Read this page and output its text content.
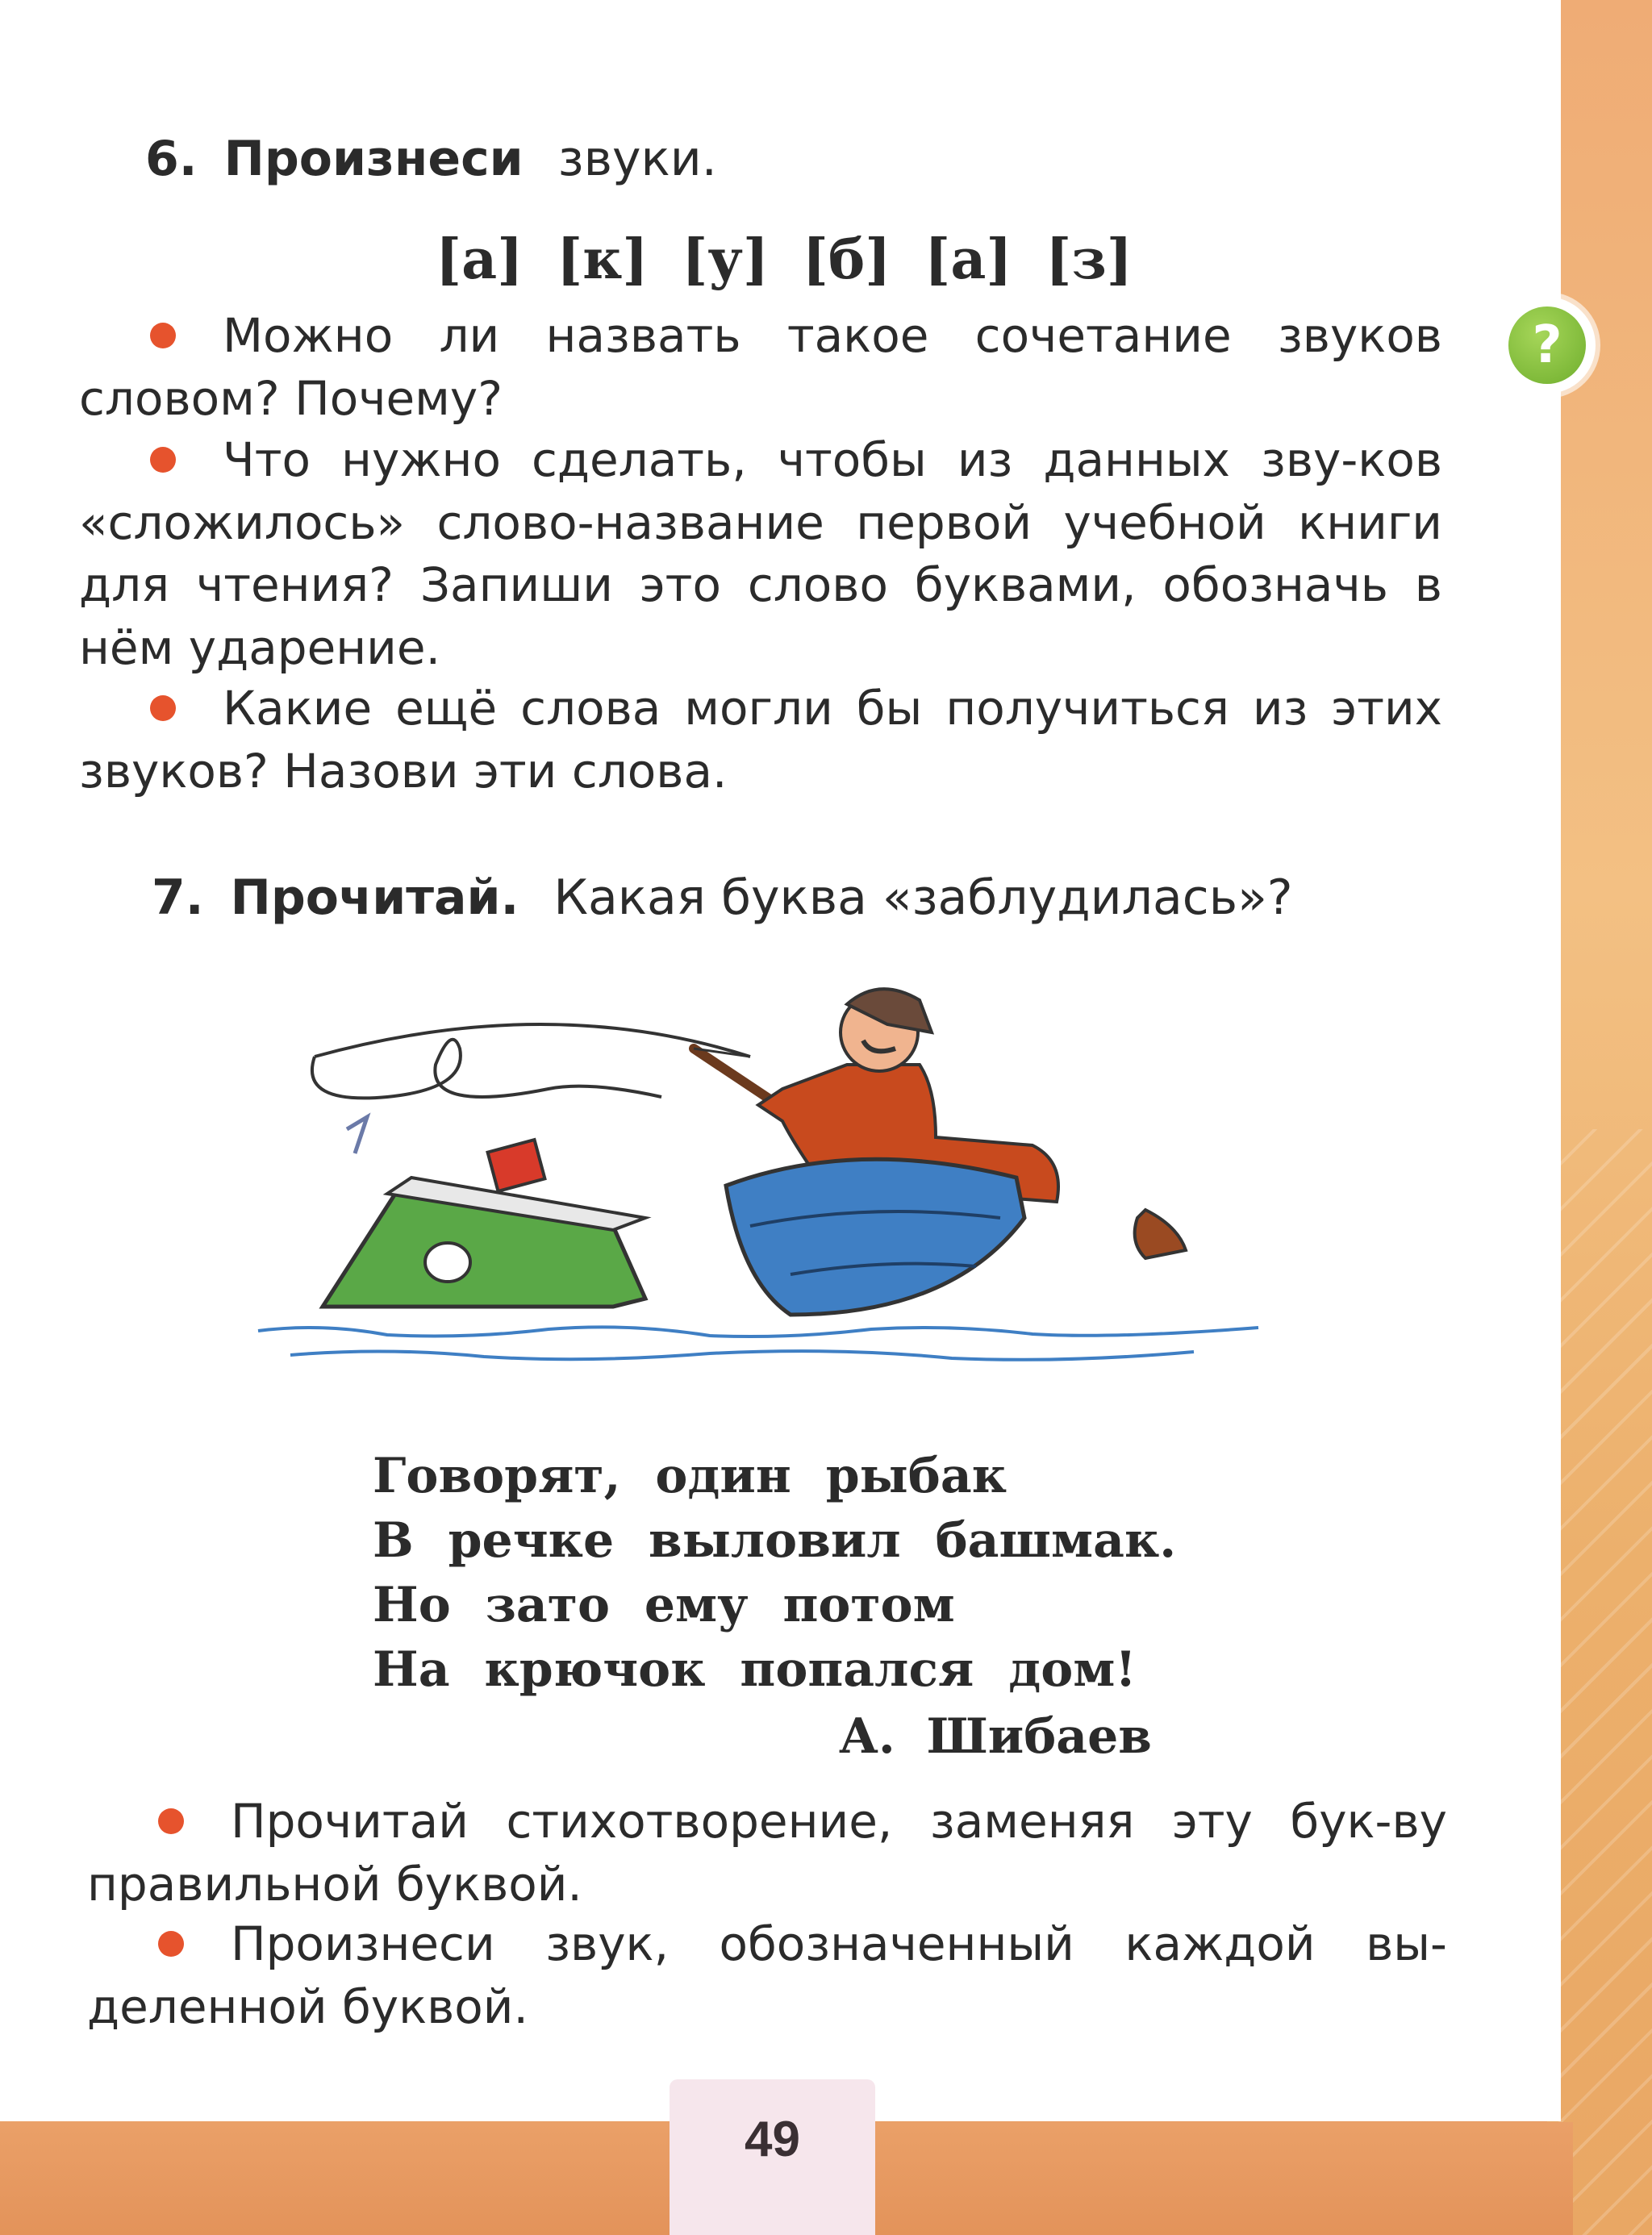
?
6. Произнеси звуки.
[а] [к] [у] [б] [а] [з]
Можно ли назвать такое сочетание звуков словом? Почему?
Что нужно сделать, чтобы из данных зву-ков «сложилось» слово-название первой учебной книги для чтения? Запиши это слово буквами, обозначь в нём ударение.
Какие ещё слова могли бы получиться из этих звуков? Назови эти слова.
7. Прочитай. Какая буква «заблудилась»?
Говорят, один рыбак
В речке выловил башмак.
Но зато ему потом
На крючок попался дом!
А. Шибаев
Прочитай стихотворение, заменяя эту бук-ву правильной буквой.
Произнеси звук, обозначенный каждой вы-деленной буквой.
49
